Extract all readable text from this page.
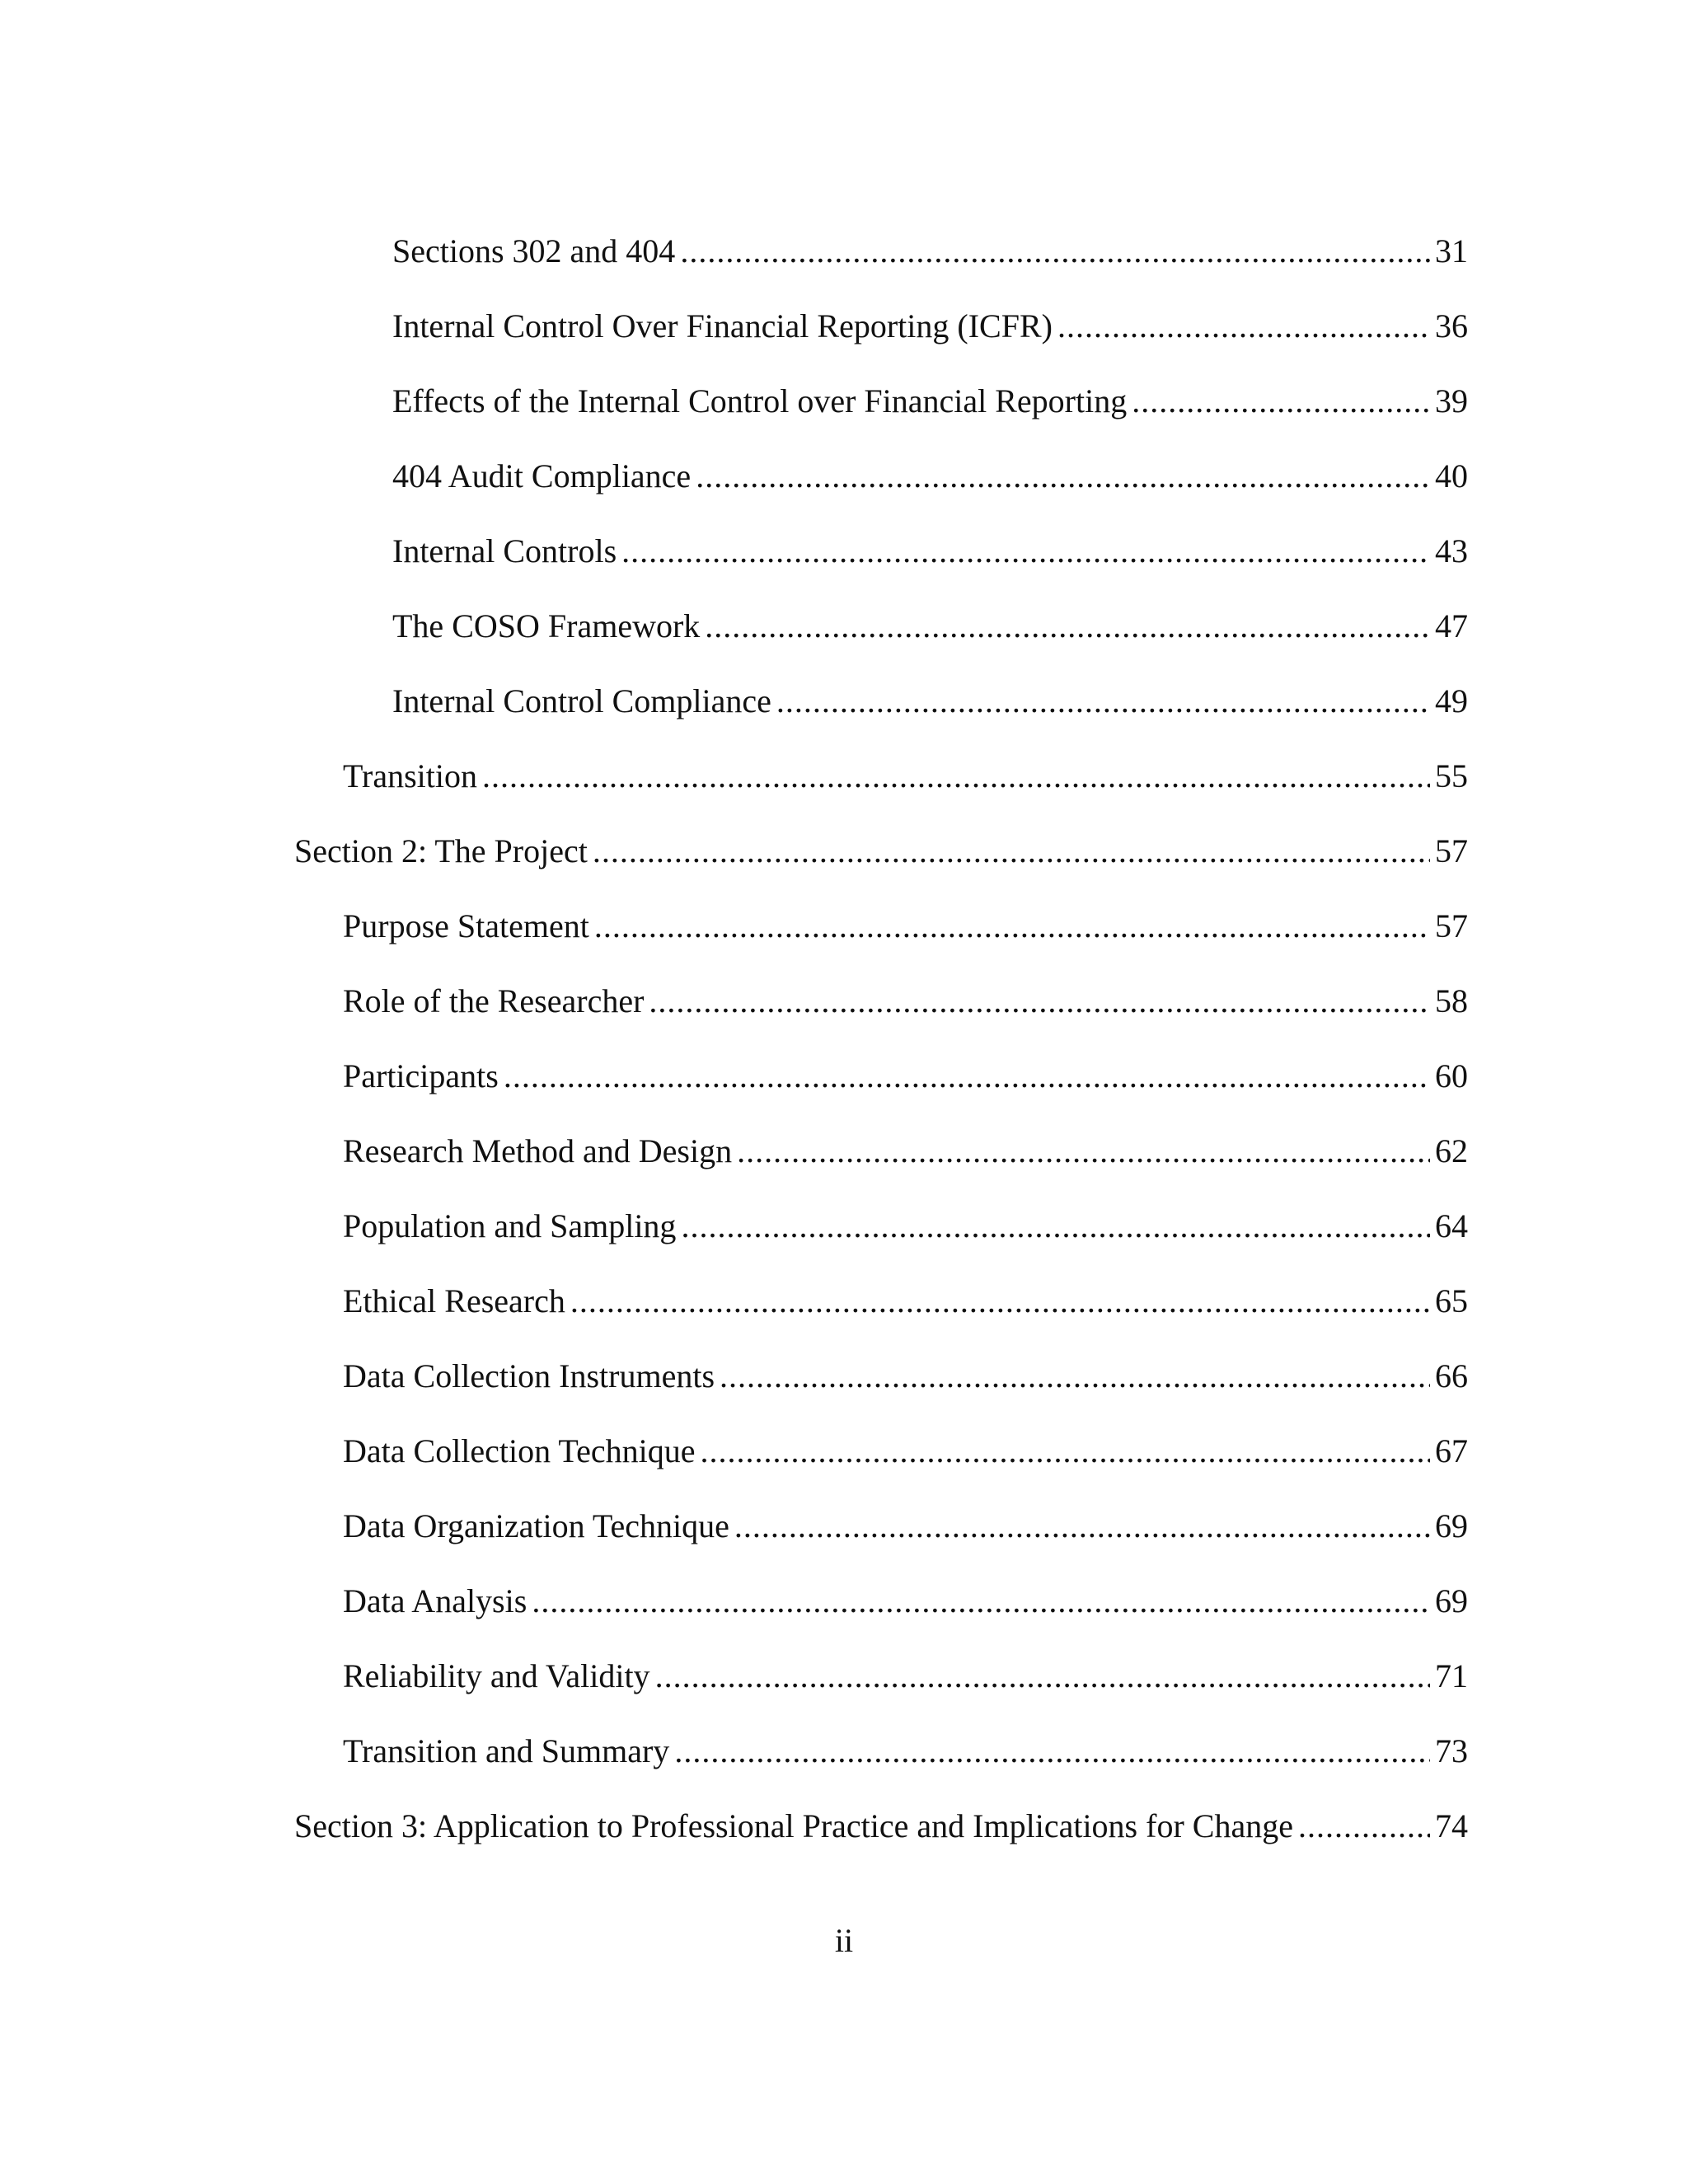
Sections 302 and 404 .....	31
Internal Control Over Financial Reporting (ICFR) .....	36
Effects of the Internal Control over Financial Reporting .....	39
404 Audit Compliance .....	40
Internal Controls .....	43
The COSO Framework .....	47
Internal Control Compliance .....	49
Transition .....	55
Section 2: The Project .....	57
Purpose Statement .....	57
Role of the Researcher .....	58
Participants .....	60
Research Method and Design .....	62
Population and Sampling .....	64
Ethical Research .....	65
Data Collection Instruments .....	66
Data Collection Technique .....	67
Data Organization Technique .....	69
Data Analysis .....	69
Reliability and Validity .....	71
Transition and Summary .....	73
Section 3: Application to Professional Practice and Implications for Change .....	74
ii
